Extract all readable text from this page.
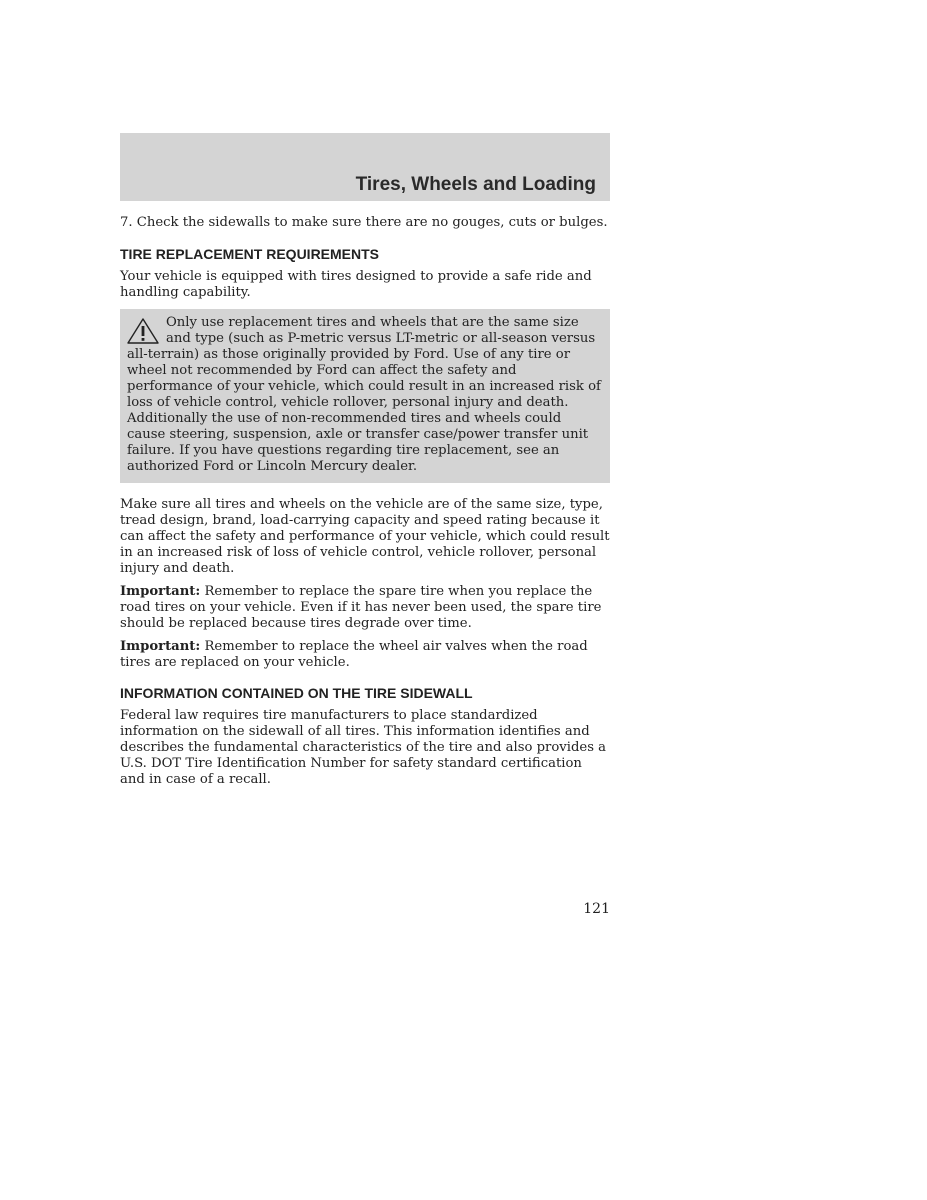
Tires, Wheels and Loading

7. Check the sidewalls to make sure there are no gouges, cuts or bulges.

TIRE REPLACEMENT REQUIREMENTS

Your vehicle is equipped with tires designed to provide a safe ride and handling capability.

Only use replacement tires and wheels that are the same size and type (such as P-metric versus LT-metric or all-season versus all-terrain) as those originally provided by Ford. Use of any tire or wheel not recommended by Ford can affect the safety and performance of your vehicle, which could result in an increased risk of loss of vehicle control, vehicle rollover, personal injury and death. Additionally the use of non-recommended tires and wheels could cause steering, suspension, axle or transfer case/power transfer unit failure. If you have questions regarding tire replacement, see an authorized Ford or Lincoln Mercury dealer.

Make sure all tires and wheels on the vehicle are of the same size, type, tread design, brand, load-carrying capacity and speed rating because it can affect the safety and performance of your vehicle, which could result in an increased risk of loss of vehicle control, vehicle rollover, personal injury and death.

Important: Remember to replace the spare tire when you replace the road tires on your vehicle. Even if it has never been used, the spare tire should be replaced because tires degrade over time.

Important: Remember to replace the wheel air valves when the road tires are replaced on your vehicle.

INFORMATION CONTAINED ON THE TIRE SIDEWALL

Federal law requires tire manufacturers to place standardized information on the sidewall of all tires. This information identifies and describes the fundamental characteristics of the tire and also provides a U.S. DOT Tire Identification Number for safety standard certification and in case of a recall.

121
